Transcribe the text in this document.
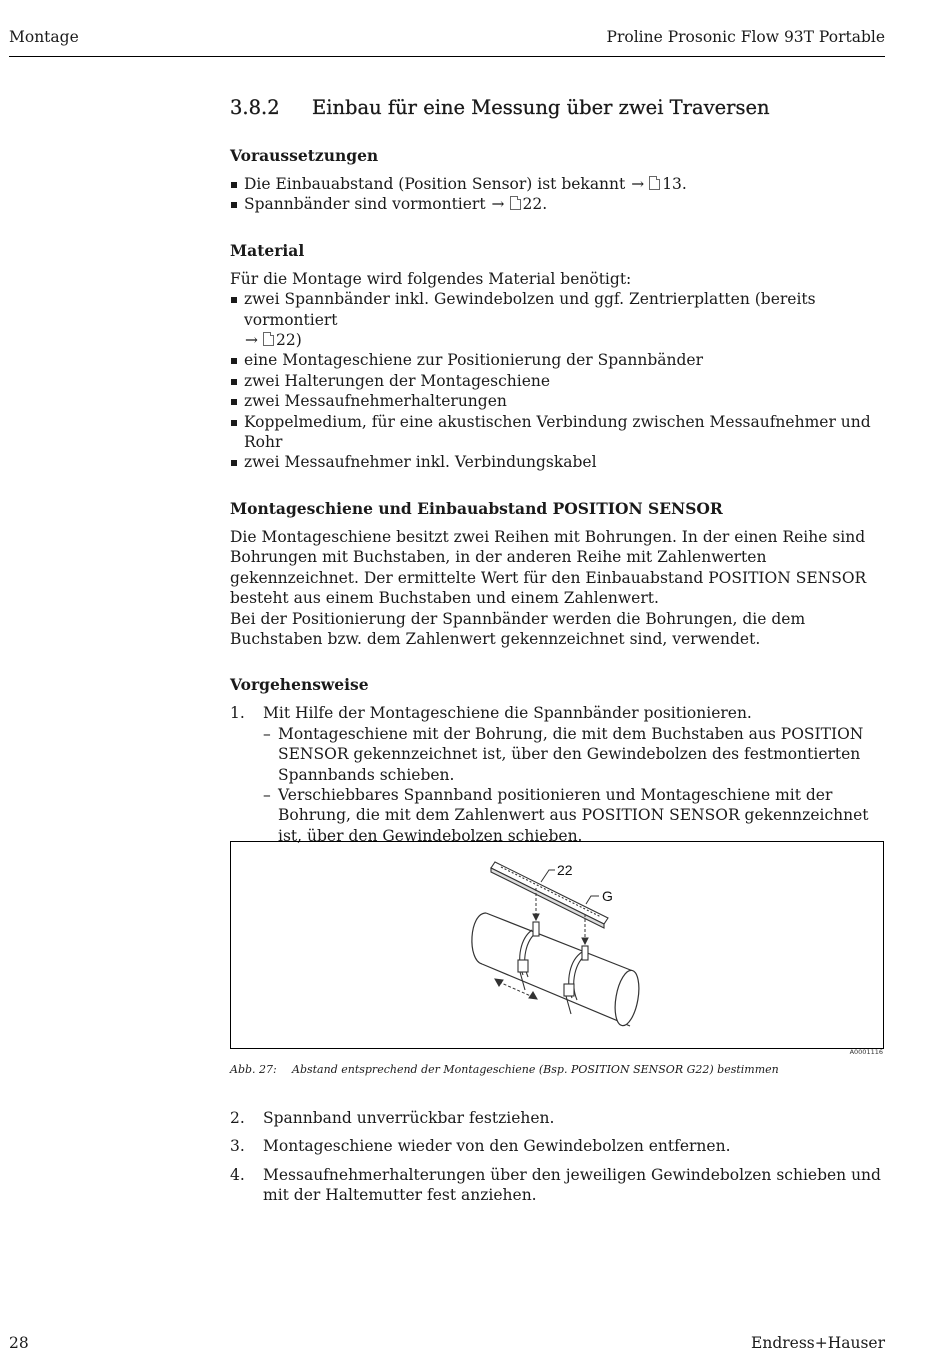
Montage	Proline Prosonic Flow 93T Portable
3.8.2	Einbau für eine Messung über zwei Traversen
Voraussetzungen
Die Einbauabstand (Position Sensor) ist bekannt → 13.
Spannbänder sind vormontiert → 22.
Material

Für die Montage wird folgendes Material benötigt:

zwei Spannbänder inkl. Gewindebolzen und ggf. Zentrierplatten (bereits vormontiert
→ 22)
eine Montageschiene zur Positionierung der Spannbänder
zwei Halterungen der Montageschiene
zwei Messaufnehmerhalterungen
Koppelmedium, für eine akustischen Verbindung zwischen Messaufnehmer und Rohr
zwei Messaufnehmer inkl. Verbindungskabel
Montageschiene und Einbauabstand POSITION SENSOR

Die Montageschiene besitzt zwei Reihen mit Bohrungen. In der einen Reihe sind Bohrungen mit Buchstaben, in der anderen Reihe mit Zahlenwerten gekennzeichnet. Der ermittelte Wert für den Einbauabstand POSITION SENSOR besteht aus einem Buchstaben und einem Zahlenwert.

Bei der Positionierung der Spannbänder werden die Bohrungen, die dem Buchstaben bzw. dem Zahlenwert gekennzeichnet sind, verwendet.

Vorgehensweise
1. Mit Hilfe der Montageschiene die Spannbänder positionieren.
– Montageschiene mit der Bohrung, die mit dem Buchstaben aus POSITION SENSOR gekennzeichnet ist, über den Gewindebolzen des festmontierten Spannbands schieben.
– Verschiebbares Spannband positionieren und Montageschiene mit der Bohrung, die mit dem Zahlenwert aus POSITION SENSOR gekennzeichnet ist, über den Gewindebolzen schieben.
22
G
A0001116
Abb. 27: Abstand entsprechend der Montageschiene (Bsp. POSITION SENSOR G22) bestimmen
2. Spannband unverrückbar festziehen.
3. Montageschiene wieder von den Gewindebolzen entfernen.
4. Messaufnehmerhalterungen über den jeweiligen Gewindebolzen schieben und mit der Haltemutter fest anziehen.
28	Endress+Hauser
